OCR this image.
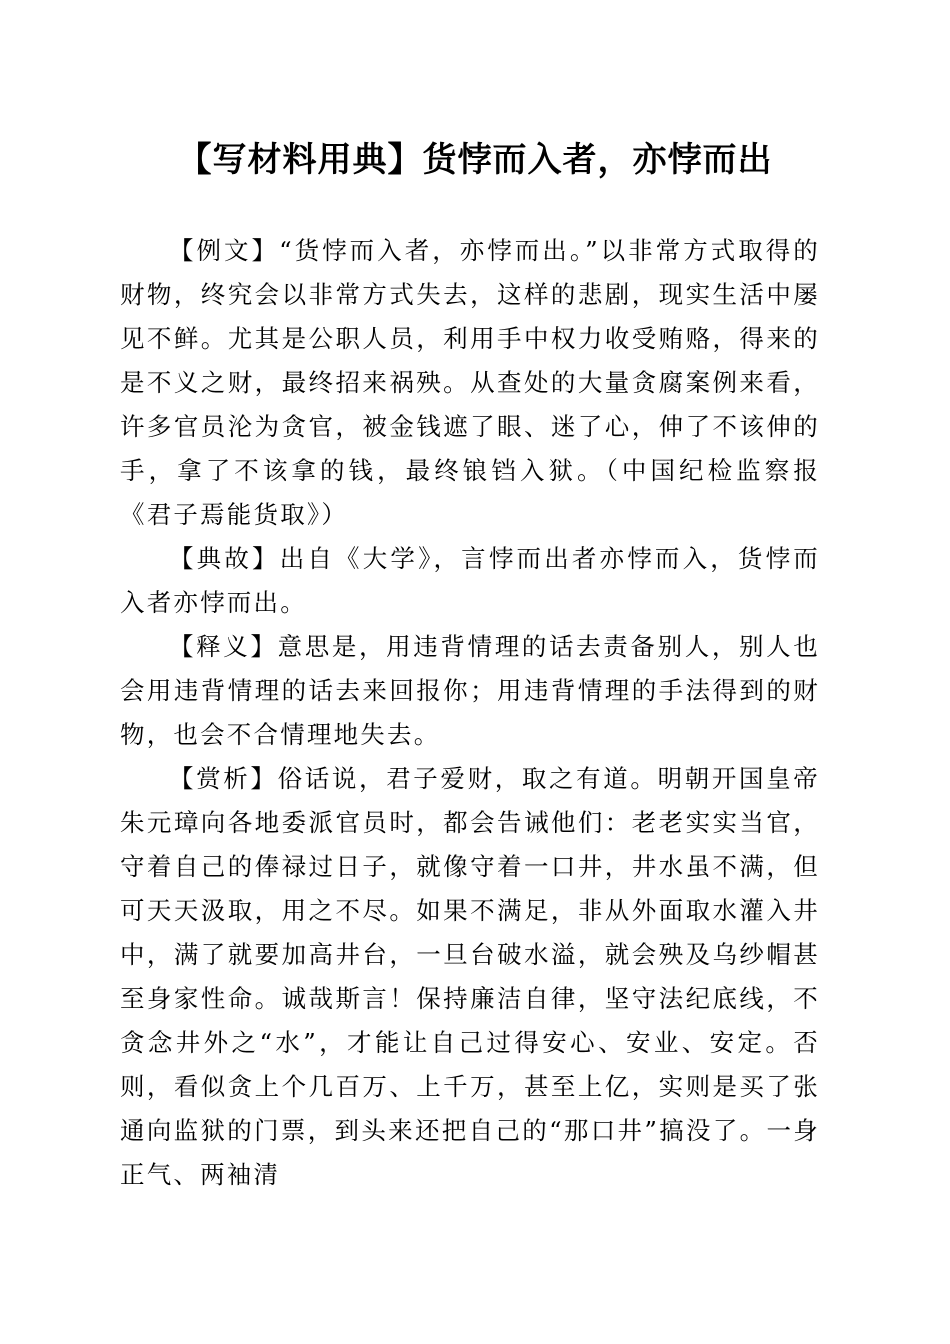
【写材料用典】货悖而入者，亦悖而出

【例文】“货悖而入者，亦悖而出。”以非常方式取得的财物，终究会以非常方式失去，这样的悲剧，现实生活中屡见不鲜。尤其是公职人员，利用手中权力收受贿赂，得来的是不义之财，最终招来祸殃。从查处的大量贪腐案例来看，许多官员沦为贪官，被金钱遮了眼、迷了心，伸了不该伸的手，拿了不该拿的钱，最终锒铛入狱。（中国纪检监察报《君子焉能货取》）

【典故】出自《大学》，言悖而出者亦悖而入，货悖而入者亦悖而出。

【释义】意思是，用违背情理的话去责备别人，别人也会用违背情理的话去来回报你；用违背情理的手法得到的财物，也会不合情理地失去。

【赏析】俗话说，君子爱财，取之有道。明朝开国皇帝朱元璋向各地委派官员时，都会告诫他们：老老实实当官，守着自己的俸禄过日子，就像守着一口井，井水虽不满，但可天天汲取，用之不尽。如果不满足，非从外面取水灌入井中，满了就要加高井台，一旦台破水溢，就会殃及乌纱帽甚至身家性命。诚哉斯言！保持廉洁自律，坚守法纪底线，不贪念井外之“水”，才能让自己过得安心、安业、安定。否则，看似贪上个几百万、上千万，甚至上亿，实则是买了张通向监狱的门票，到头来还把自己的“那口井”搞没了。一身正气、两袖清
